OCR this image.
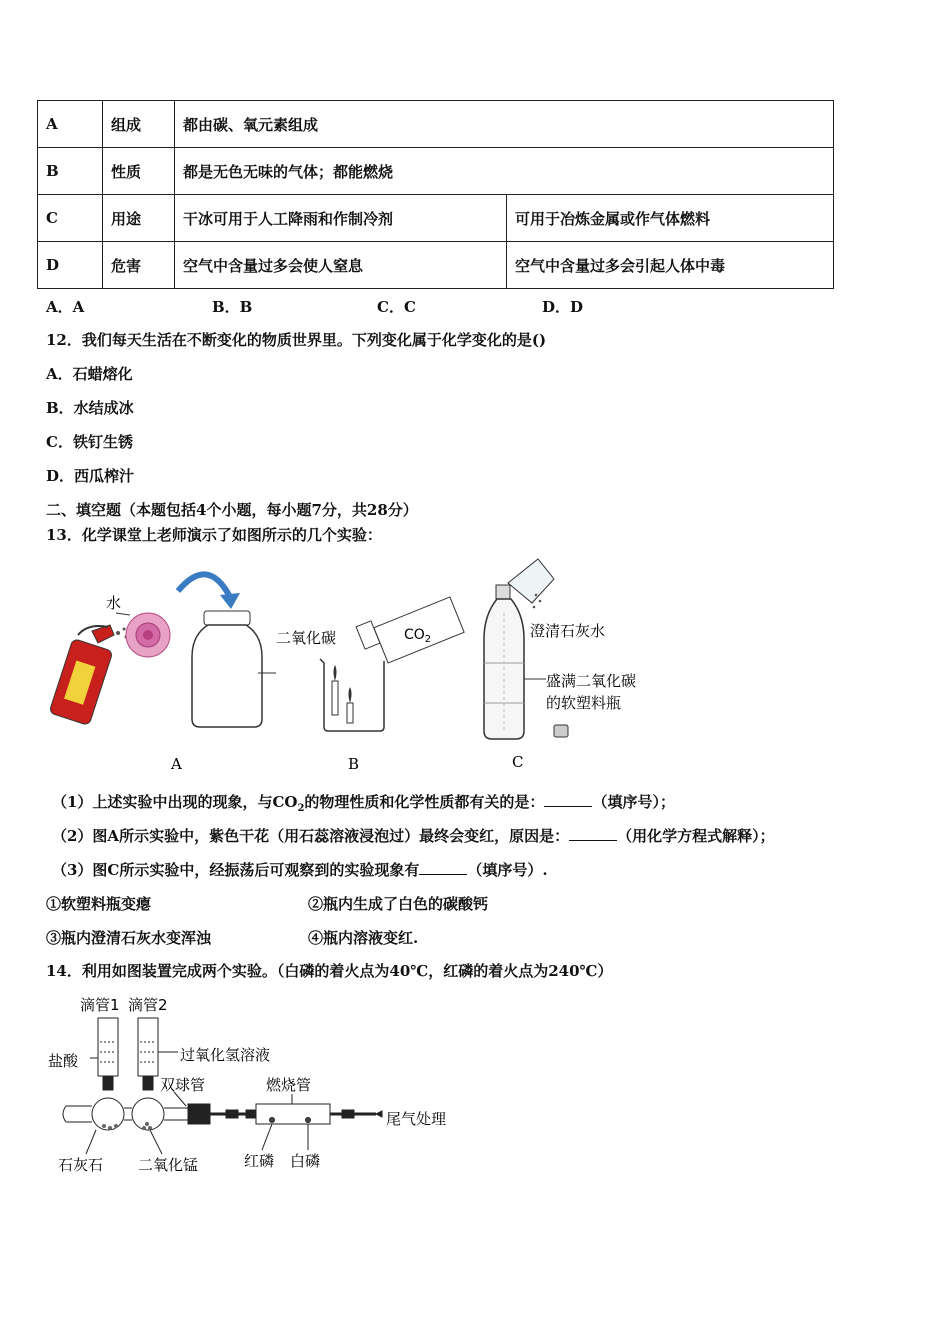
A	组成	都由碳、氧元素组成	
B	性质	都是无色无味的气体；都能燃烧	
C	用途	干冰可用于人工降雨和作制冷剂	可用于冶炼金属或作气体燃料
D	危害	空气中含量过多会使人窒息	空气中含量过多会引起人体中毒
A．A	B．B	C．C	D．D
12．我们每天生活在不断变化的物质世界里。下列变化属于化学变化的是()
A．石蜡熔化
B．水结成冰
C．铁钉生锈
D．西瓜榨汁
二、填空题（本题包括4个小题，每小题7分，共28分）
13．化学课堂上老师演示了如图所示的几个实验：
水
二氧化碳	$CO_2$	澄清石灰水
盛满二氧化碳
的软塑料瓶
A	B	C
（1）上述实验中出现的现象，与$CO_2$的物理性质和化学性质都有关的是：	（填序号）；
（2）图A所示实验中，紫色干花（用石蕊溶液浸泡过）最终会变红，原因是：	（用化学方程式解释）；
（3）图C所示实验中，经振荡后可观察到的实验现象有	（填序号）.
①软塑料瓶变瘪	②瓶内生成了白色的碳酸钙
③瓶内澄清石灰水变浑浊	④瓶内溶液变红.
14．利用如图装置完成两个实验。（白磷的着火点为40℃，红磷的着火点为240℃）
滴管1 滴管2
盐酸	过氧化氢溶液
双球管	燃烧管
尾气处理
石灰石 二氧化锰	红磷 白磷
